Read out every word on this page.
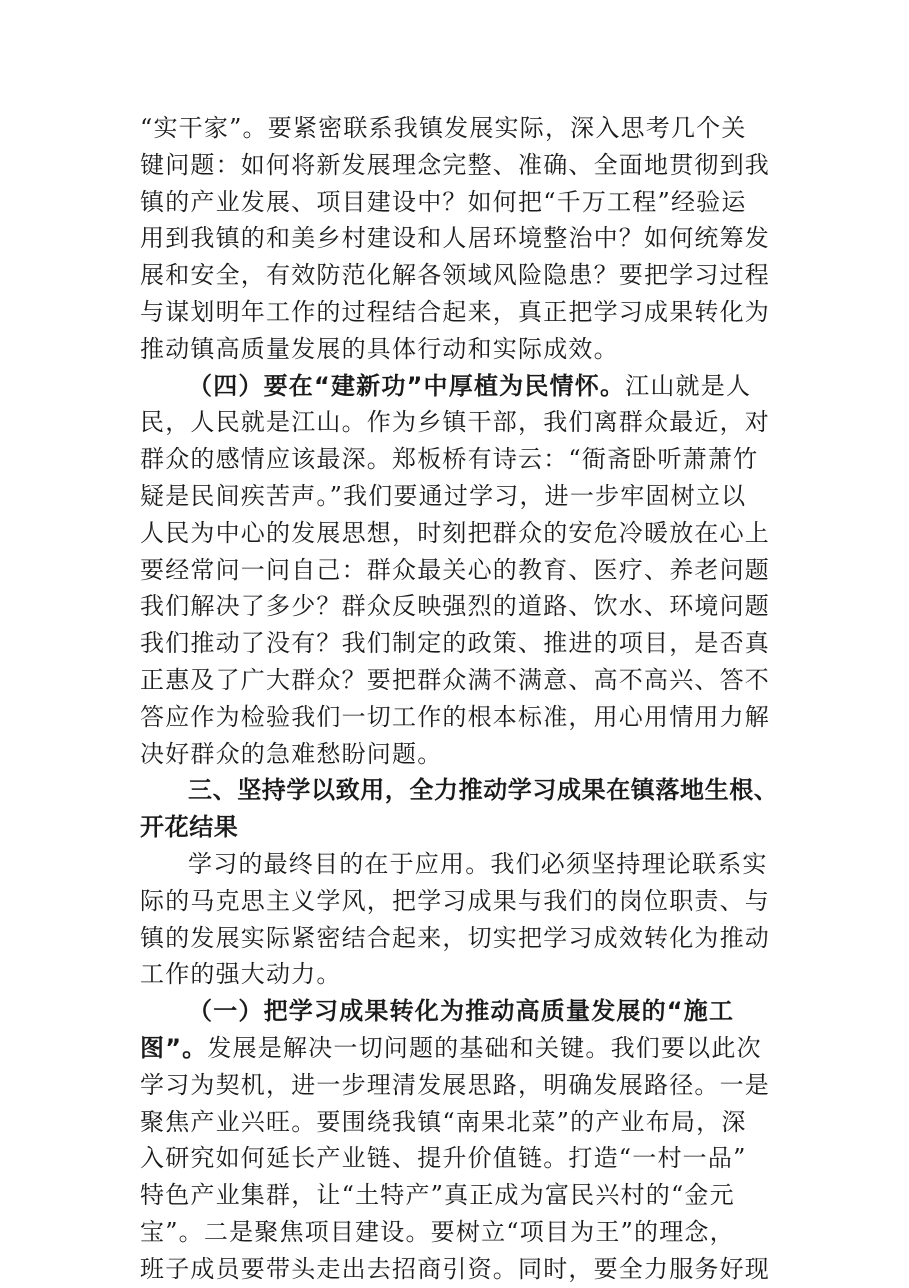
“实干家”。要紧密联系我镇发展实际，深入思考几个关
键问题：如何将新发展理念完整、准确、全面地贯彻到我
镇的产业发展、项目建设中？如何把“千万工程”经验运
用到我镇的和美乡村建设和人居环境整治中？如何统筹发
展和安全，有效防范化解各领域风险隐患？要把学习过程
与谋划明年工作的过程结合起来，真正把学习成果转化为
推动镇高质量发展的具体行动和实际成效。
（四）要在“建新功”中厚植为民情怀。江山就是人
民，人民就是江山。作为乡镇干部，我们离群众最近，对
群众的感情应该最深。郑板桥有诗云：“衙斋卧听萧萧竹
疑是民间疾苦声。”我们要通过学习，进一步牢固树立以
人民为中心的发展思想，时刻把群众的安危冷暖放在心上
要经常问一问自己：群众最关心的教育、医疗、养老问题
我们解决了多少？群众反映强烈的道路、饮水、环境问题
我们推动了没有？我们制定的政策、推进的项目，是否真
正惠及了广大群众？要把群众满不满意、高不高兴、答不
答应作为检验我们一切工作的根本标准，用心用情用力解
决好群众的急难愁盼问题。
三、坚持学以致用，全力推动学习成果在镇落地生根、
开花结果
学习的最终目的在于应用。我们必须坚持理论联系实
际的马克思主义学风，把学习成果与我们的岗位职责、与
镇的发展实际紧密结合起来，切实把学习成效转化为推动
工作的强大动力。
（一）把学习成果转化为推动高质量发展的“施工
图”。发展是解决一切问题的基础和关键。我们要以此次
学习为契机，进一步理清发展思路，明确发展路径。一是
聚焦产业兴旺。要围绕我镇“南果北菜”的产业布局，深
入研究如何延长产业链、提升价值链。打造“一村一品”
特色产业集群，让“土特产”真正成为富民兴村的“金元
宝”。二是聚焦项目建设。要树立“项目为王”的理念，
班子成员要带头走出去招商引资。同时，要全力服务好现
